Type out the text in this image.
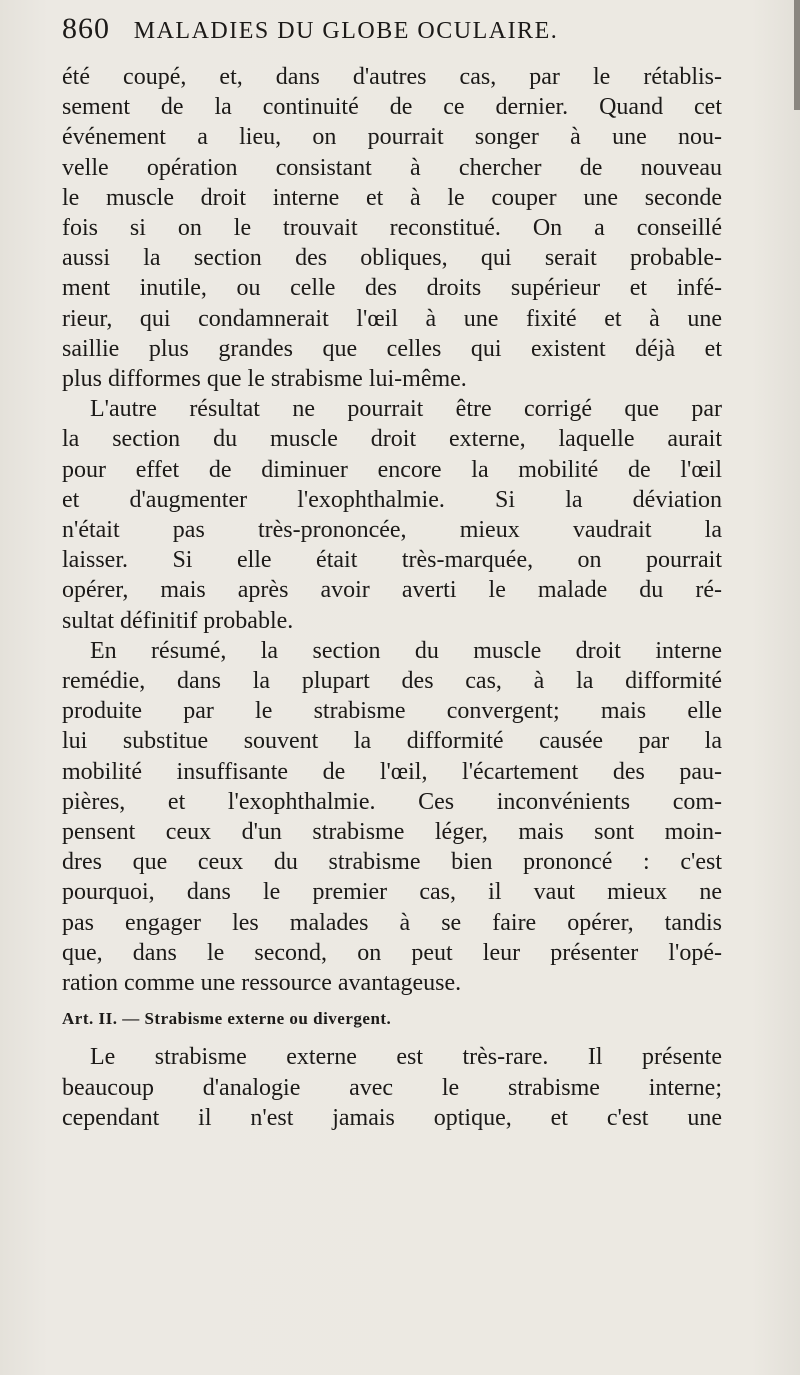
860 MALADIES DU GLOBE OCULAIRE.
été coupé, et, dans d'autres cas, par le rétablis-
sement de la continuité de ce dernier. Quand cet
événement a lieu, on pourrait songer à une nou-
velle opération consistant à chercher de nouveau
le muscle droit interne et à le couper une seconde
fois si on le trouvait reconstitué. On a conseillé
aussi la section des obliques, qui serait probable-
ment inutile, ou celle des droits supérieur et infé-
rieur, qui condamnerait l'œil à une fixité et à une
saillie plus grandes que celles qui existent déjà et
plus difformes que le strabisme lui-même.
L'autre résultat ne pourrait être corrigé que par
la section du muscle droit externe, laquelle aurait
pour effet de diminuer encore la mobilité de l'œil
et d'augmenter l'exophthalmie. Si la déviation
n'était pas très-prononcée, mieux vaudrait la
laisser. Si elle était très-marquée, on pourrait
opérer, mais après avoir averti le malade du ré-
sultat définitif probable.
En résumé, la section du muscle droit interne
remédie, dans la plupart des cas, à la difformité
produite par le strabisme convergent; mais elle
lui substitue souvent la difformité causée par la
mobilité insuffisante de l'œil, l'écartement des pau-
pières, et l'exophthalmie. Ces inconvénients com-
pensent ceux d'un strabisme léger, mais sont moin-
dres que ceux du strabisme bien prononcé : c'est
pourquoi, dans le premier cas, il vaut mieux ne
pas engager les malades à se faire opérer, tandis
que, dans le second, on peut leur présenter l'opé-
ration comme une ressource avantageuse.
Art. II. — Strabisme externe ou divergent.
Le strabisme externe est très-rare. Il présente
beaucoup d'analogie avec le strabisme interne;
cependant il n'est jamais optique, et c'est une
